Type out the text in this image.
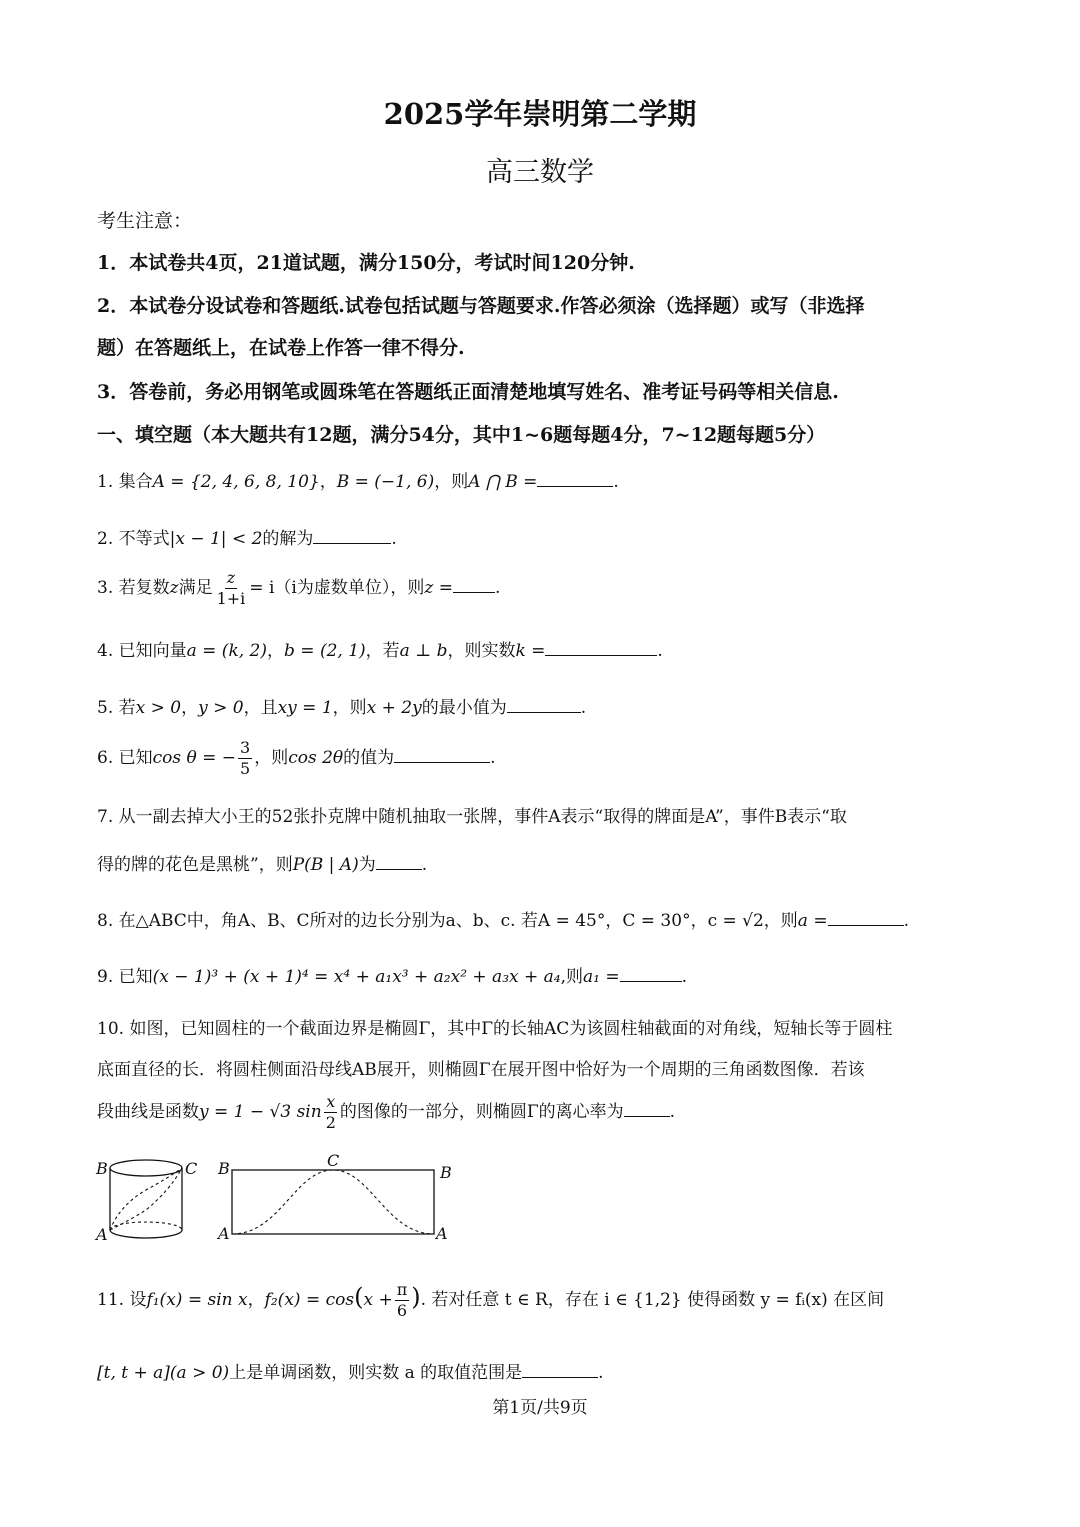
2025学年崇明第二学期
高三数学
考生注意：
1．本试卷共4页，21道试题，满分150分，考试时间120分钟.
2．本试卷分设试卷和答题纸.试卷包括试题与答题要求.作答必须涂（选择题）或写（非选择
题）在答题纸上，在试卷上作答一律不得分.
3．答卷前，务必用钢笔或圆珠笔在答题纸正面清楚地填写姓名、准考证号码等相关信息.
一、填空题（本大题共有12题，满分54分，其中1~6题每题4分，7~12题每题5分）
1. 集合A = {2, 4, 6, 8, 10}，B = (−1, 6)，则A ⋂ B =	.
2. 不等式|x − 1| < 2的解为	.
3. 若复数z满足 $\frac{z}{1+i} = i(i$为虚数单位），则z = .
4. 已知向量a = (k, 2)，b = (2, 1)，若a ⊥ b，则实数k =	.
5. 若x > 0，y > 0，且xy = 1，则x + 2y的最小值为	.
6. 已知cos θ = − $\frac{3}{5}$ ，则cos 2θ的值为	.
7. 从一副去掉大小王的52张扑克牌中随机抽取一张牌，事件A表示“取得的牌面是A”，事件B表示“取
得的牌的花色是黑桃”，则P(B | A)为	.
8. 在△ABC中，角A、B、C所对的边长分别为a、b、c. 若A = 45°，C = 30°，c = √2，则a =	.
9. 已知(x − 1)³ + (x + 1)⁴ = x⁴ + a₁x³ + a₂x² + a₃x + a₄,则a₁ =	.
10. 如图，已知圆柱的一个截面边界是椭圆Γ，其中Γ的长轴AC为该圆柱轴截面的对角线，短轴长等于圆柱
底面直径的长．将圆柱侧面沿母线AB展开，则椭圆Γ在展开图中恰好为一个周期的三角函数图像．若该
段曲线是函数y = 1 − √3 $\sin \frac{x}{2}$ 的图像的一部分，则椭圆Γ的离心率为	.
B	C
A
B	C
B
A	A
11. 设f₁(x) = sin x，$f_2(x) = \cos(x + \frac{\pi}{6}$ ). 若对任意 t ∈ R，存在 i ∈ {1,2} 使得函数 y = fᵢ(x) 在区间
[t, t + a](a > 0)上是单调函数，则实数 a 的取值范围是	.
第1页/共9页
